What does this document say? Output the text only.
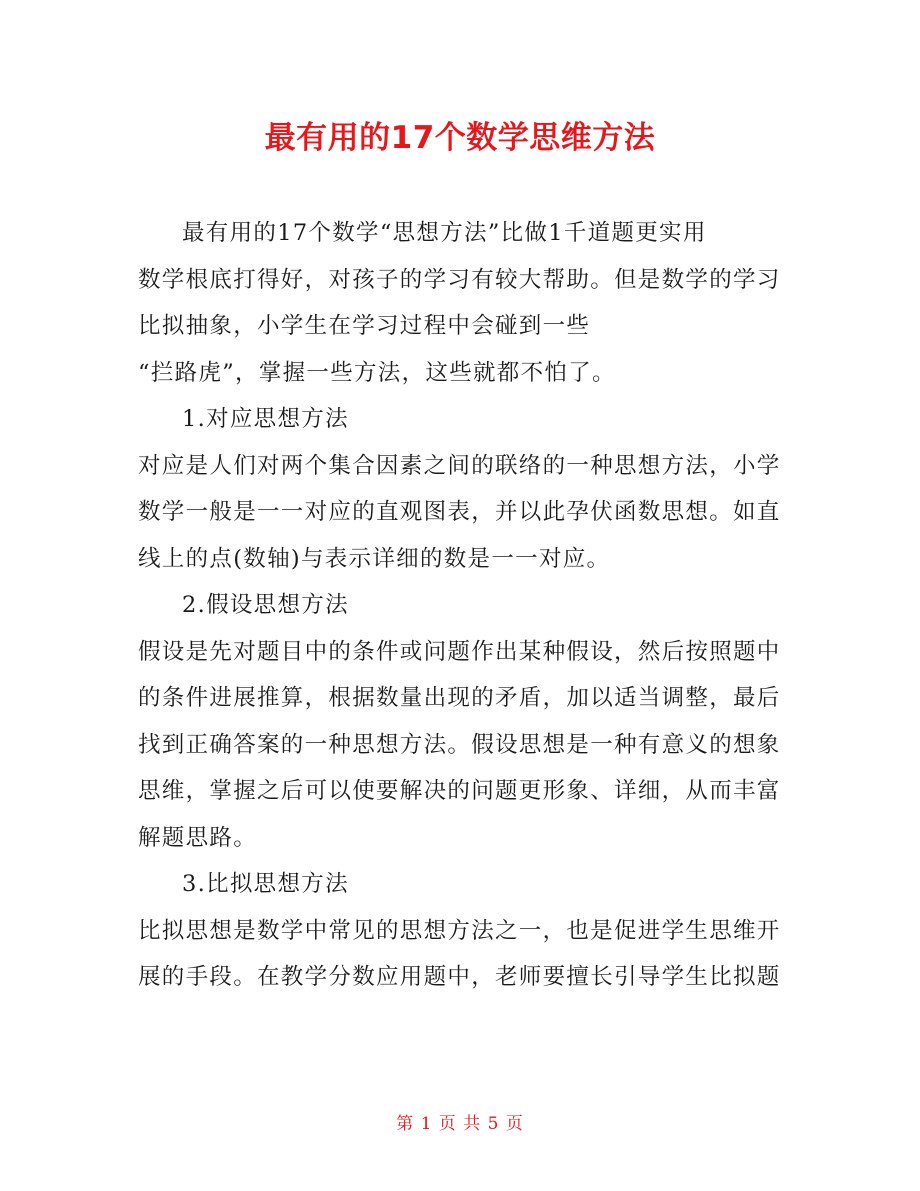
最有用的17个数学思维方法
最有用的17个数学“思想方法”比做1千道题更实用
数学根底打得好，对孩子的学习有较大帮助。但是数学的学习
比拟抽象，小学生在学习过程中会碰到一些
“拦路虎”，掌握一些方法，这些就都不怕了。
1.对应思想方法
对应是人们对两个集合因素之间的联络的一种思想方法，小学
数学一般是一一对应的直观图表，并以此孕伏函数思想。如直
线上的点(数轴)与表示详细的数是一一对应。
2.假设思想方法
假设是先对题目中的条件或问题作出某种假设，然后按照题中
的条件进展推算，根据数量出现的矛盾，加以适当调整，最后
找到正确答案的一种思想方法。假设思想是一种有意义的想象
思维，掌握之后可以使要解决的问题更形象、详细，从而丰富
解题思路。
3.比拟思想方法
比拟思想是数学中常见的思想方法之一，也是促进学生思维开
展的手段。在教学分数应用题中，老师要擅长引导学生比拟题
第 1 页 共 5 页
